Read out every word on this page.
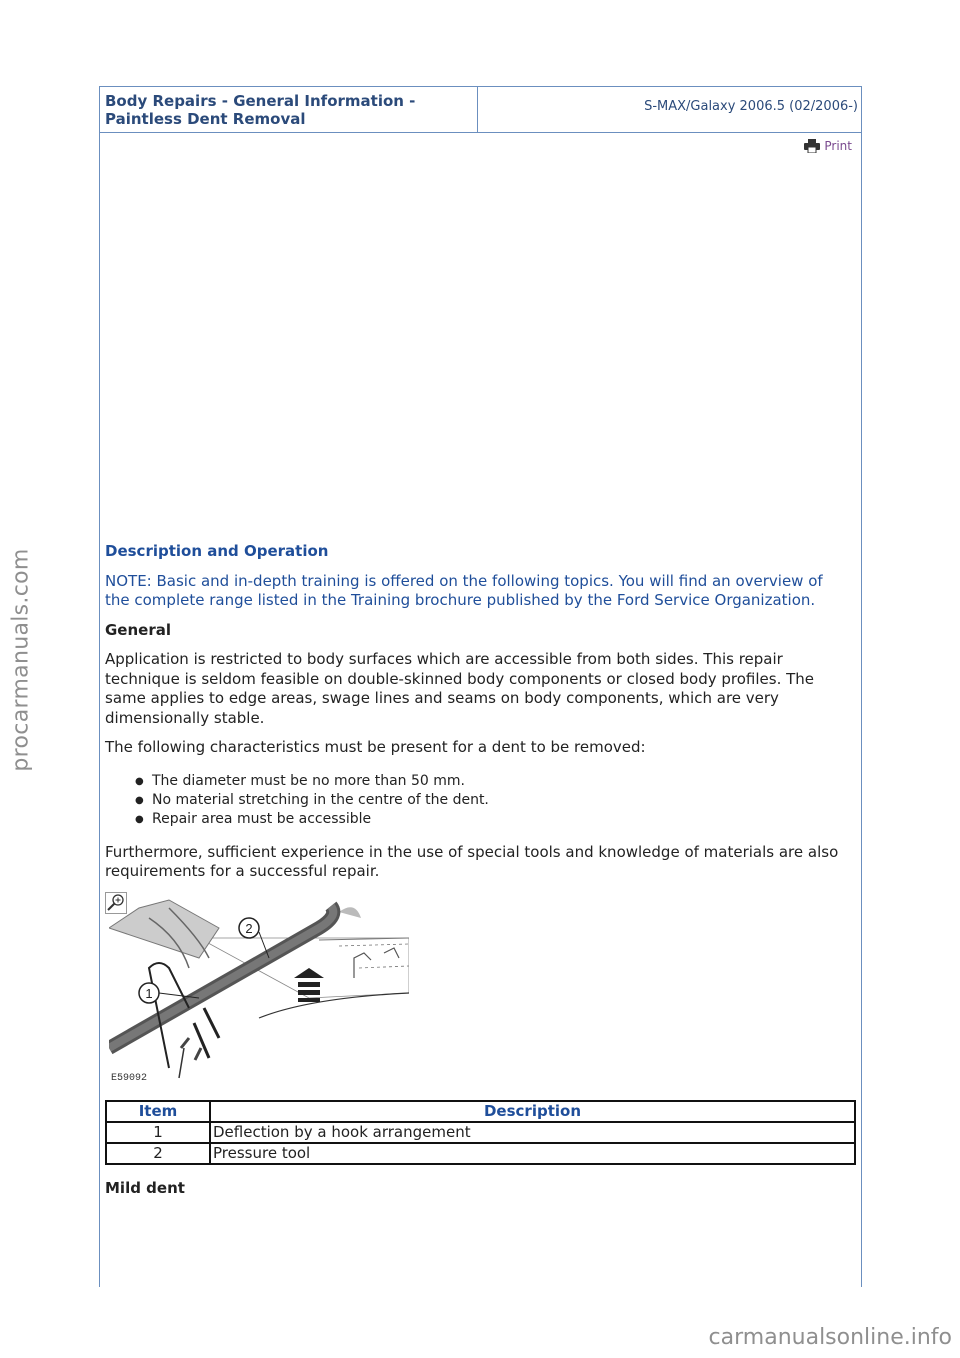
procarmanuals.com
Body Repairs - General Information -
Paintless Dent Removal
S-MAX/Galaxy 2006.5 (02/2006-)
Print
Description and Operation

NOTE: Basic and in-depth training is offered on the following topics. You will find an overview of the complete range listed in the Training brochure published by the Ford Service Organization.

General

Application is restricted to body surfaces which are accessible from both sides. This repair technique is seldom feasible on double-skinned body components or closed body profiles. The same applies to edge areas, swage lines and seams on body components, which are very dimensionally stable.

The following characteristics must be present for a dent to be removed:

● The diameter must be no more than 50 mm.
● No material stretching in the centre of the dent.
● Repair area must be accessible

Furthermore, sufficient experience in the use of special tools and knowledge of materials are also requirements for a successful repair.

1
2
E59092
Item	Description
1	Deflection by a hook arrangement
2	Pressure tool
Mild dent
carmanualsonline.info
